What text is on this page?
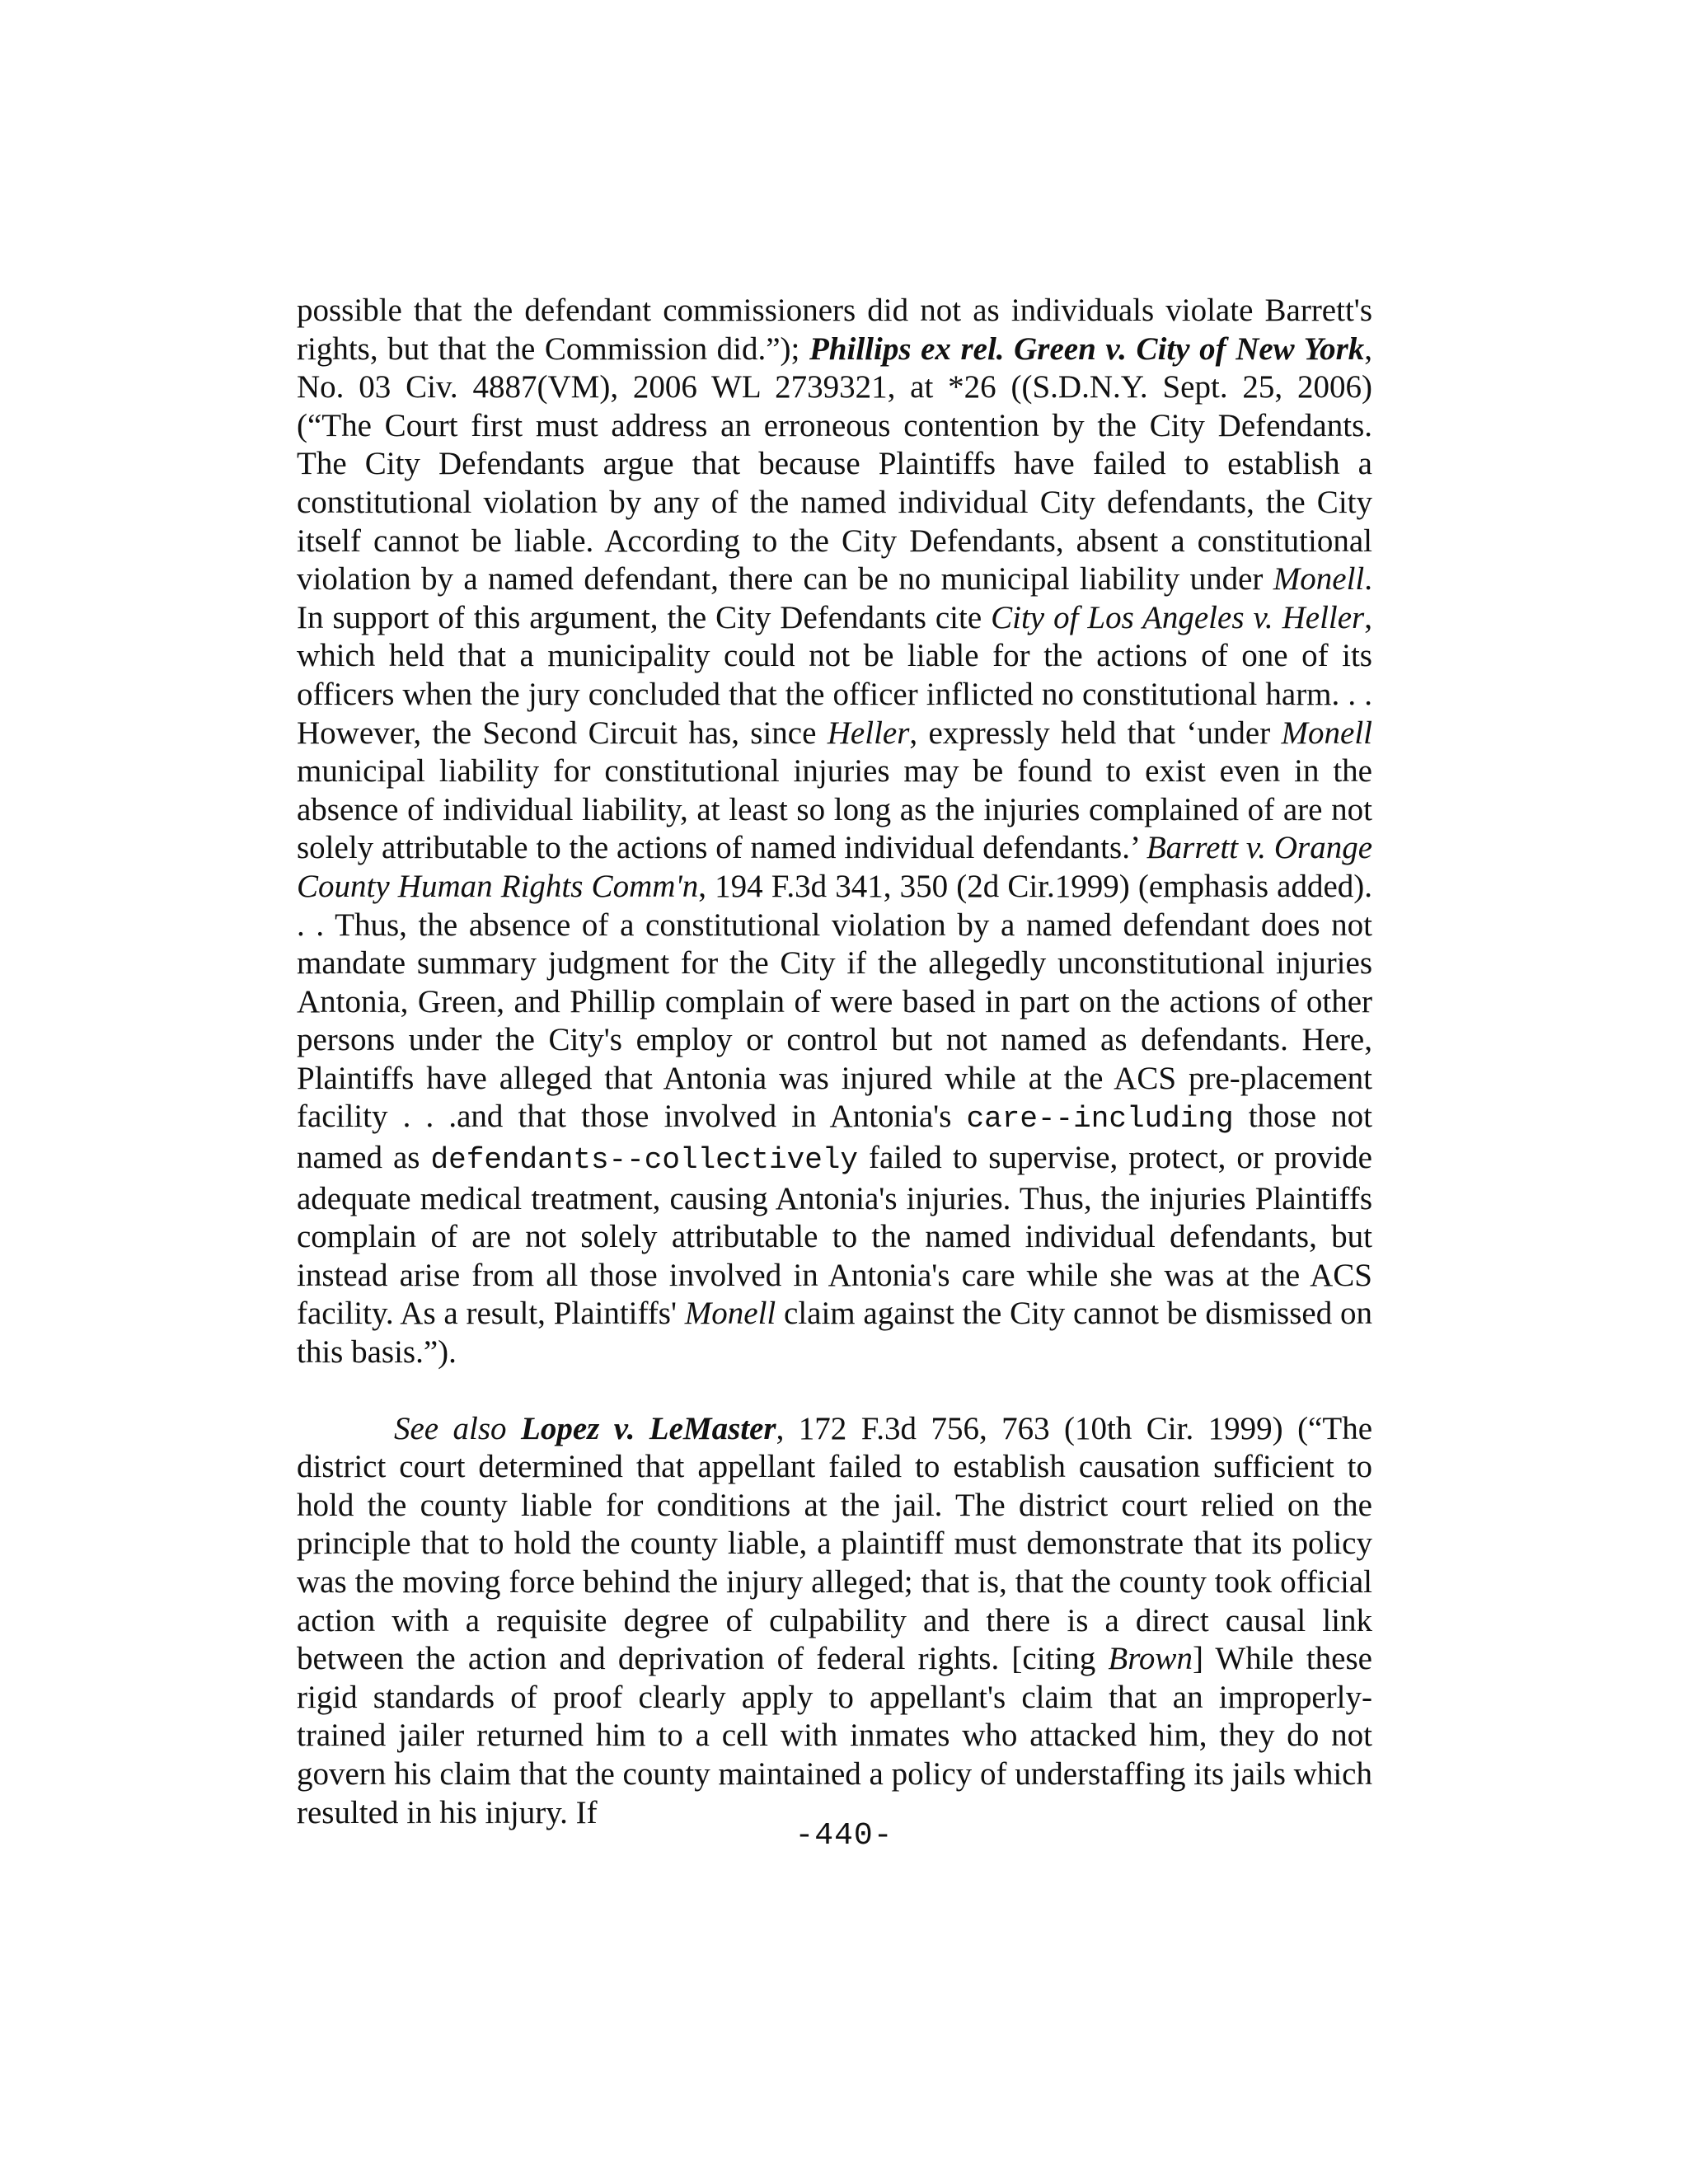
possible that the defendant commissioners did not as individuals violate Barrett's rights, but that the Commission did.”); Phillips ex rel. Green v. City of New York, No. 03 Civ. 4887(VM), 2006 WL 2739321, at *26 ((S.D.N.Y. Sept. 25, 2006) (“The Court first must address an erroneous contention by the City Defendants. The City Defendants argue that because Plaintiffs have failed to establish a constitutional violation by any of the named individual City defendants, the City itself cannot be liable. According to the City Defendants, absent a constitutional violation by a named defendant, there can be no municipal liability under Monell. In support of this argument, the City Defendants cite City of Los Angeles v. Heller, which held that a municipality could not be liable for the actions of one of its officers when the jury concluded that the officer inflicted no constitutional harm. . . However, the Second Circuit has, since Heller, expressly held that ‘under Monell municipal liability for constitutional injuries may be found to exist even in the absence of individual liability, at least so long as the injuries complained of are not solely attributable to the actions of named individual defendants.’ Barrett v. Orange County Human Rights Comm'n, 194 F.3d 341, 350 (2d Cir.1999) (emphasis added). . . Thus, the absence of a constitutional violation by a named defendant does not mandate summary judgment for the City if the allegedly unconstitutional injuries Antonia, Green, and Phillip complain of were based in part on the actions of other persons under the City's employ or control but not named as defendants. Here, Plaintiffs have alleged that Antonia was injured while at the ACS pre-placement facility . . .and that those involved in Antonia's care--including those not named as defendants--collectively failed to supervise, protect, or provide adequate medical treatment, causing Antonia's injuries. Thus, the injuries Plaintiffs complain of are not solely attributable to the named individual defendants, but instead arise from all those involved in Antonia's care while she was at the ACS facility. As a result, Plaintiffs' Monell claim against the City cannot be dismissed on this basis.”).

See also Lopez v. LeMaster, 172 F.3d 756, 763 (10th Cir. 1999) (“The district court determined that appellant failed to establish causation sufficient to hold the county liable for conditions at the jail. The district court relied on the principle that to hold the county liable, a plaintiff must demonstrate that its policy was the moving force behind the injury alleged; that is, that the county took official action with a requisite degree of culpability and there is a direct causal link between the action and deprivation of federal rights. [citing Brown] While these rigid standards of proof clearly apply to appellant's claim that an improperly-trained jailer returned him to a cell with inmates who attacked him, they do not govern his claim that the county maintained a policy of understaffing its jails which resulted in his injury. If

-440-
